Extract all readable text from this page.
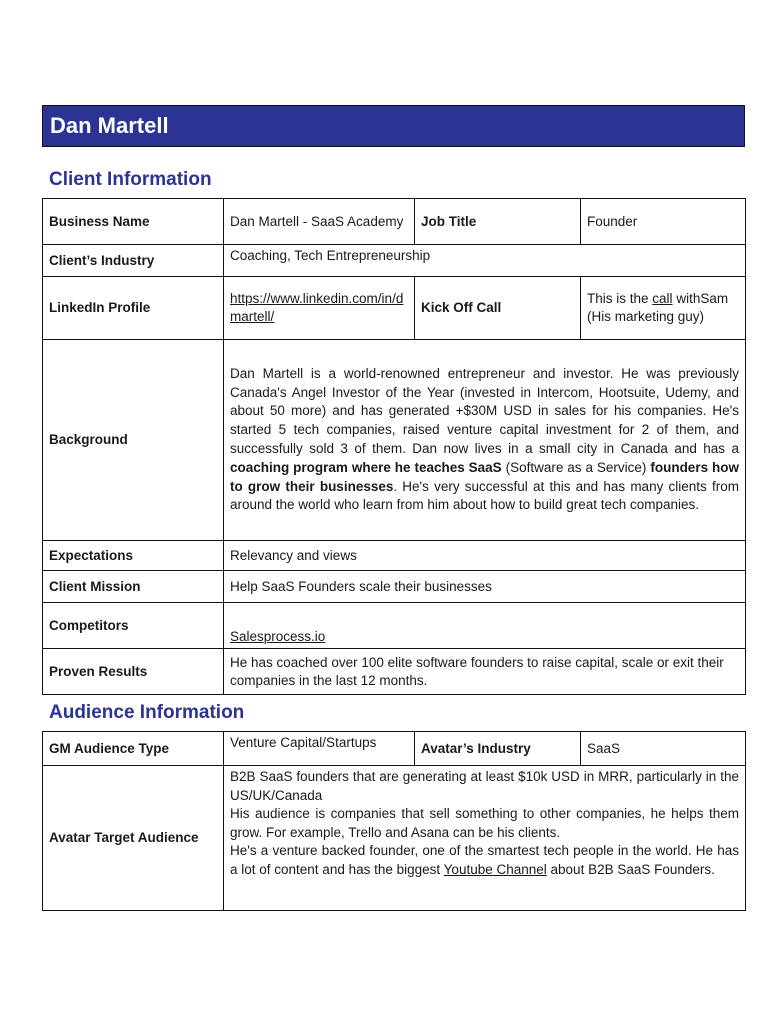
Dan Martell
Client Information
Business Name	Dan Martell - SaaS Academy	Job Title	Founder
Client’s Industry	Coaching, Tech Entrepreneurship		
LinkedIn Profile	https://www.linkedin.com/in/dmartell/	Kick Off Call	This is the call withSam (His marketing guy)
Background	Dan Martell is a world-renowned entrepreneur and investor. He was previously Canada's Angel Investor of the Year (invested in Intercom, Hootsuite, Udemy, and about 50 more) and has generated +$30M USD in sales for his companies. He's started 5 tech companies, raised venture capital investment for 2 of them, and successfully sold 3 of them. Dan now lives in a small city in Canada and has a coaching program where he teaches SaaS (Software as a Service) founders how to grow their businesses. He's very successful at this and has many clients from around the world who learn from him about how to build great tech companies.		
Expectations	Relevancy and views		
Client Mission	Help SaaS Founders scale their businesses		
Competitors	Salesprocess.io		
Proven Results	He has coached over 100 elite software founders to raise capital, scale or exit their companies in the last 12 months.		
Audience Information
GM Audience Type	Venture Capital/Startups	Avatar’s Industry	SaaS
Avatar Target Audience	B2B SaaS founders that are generating at least $10k USD in MRR, particularly in the US/UK/Canada
His audience is companies that sell something to other companies, he helps them grow. For example, Trello and Asana can be his clients.
He's a venture backed founder, one of the smartest tech people in the world. He has a lot of content and has the biggest Youtube Channel about B2B SaaS Founders.		
